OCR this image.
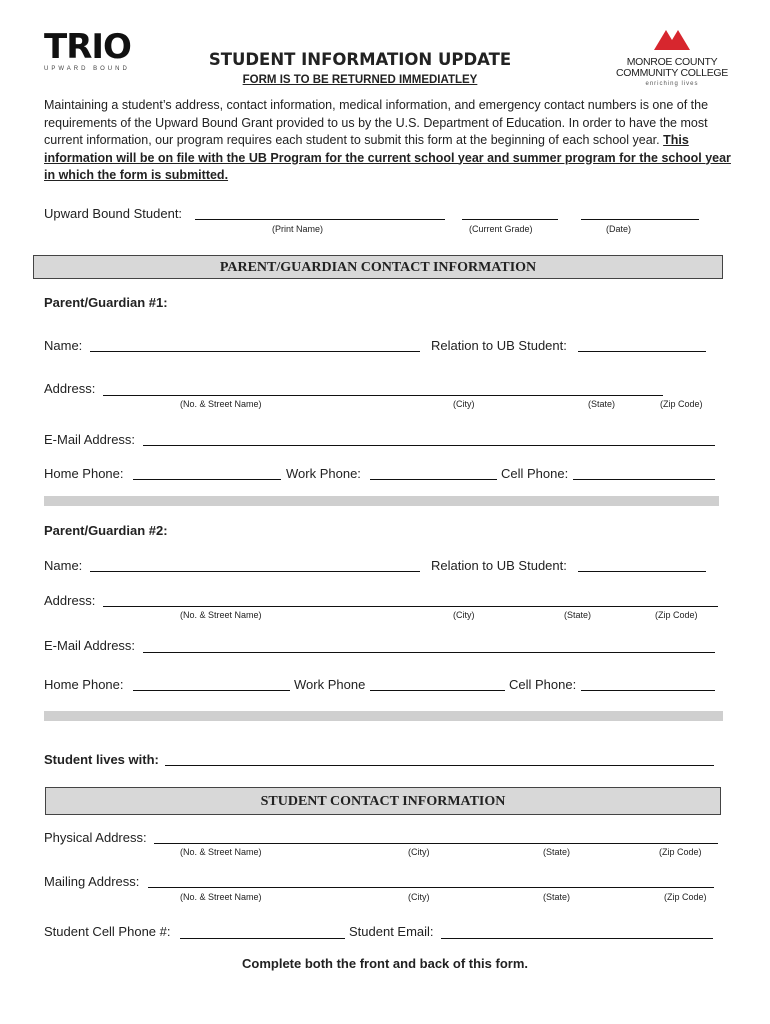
TRIO
UPWARD BOUND	STUDENT INFORMATION UPDATE
FORM IS TO BE RETURNED IMMEDIATLEY
MONROE COUNTY
COMMUNITY COLLEGE
enriching lives
Maintaining a student’s address, contact information, medical information, and emergency contact numbers is one of the requirements of the Upward Bound Grant provided to us by the U.S. Department of Education. In order to have the most current information, our program requires each student to submit this form at the beginning of each school year. This information will be on file with the UB Program for the current school year and summer program for the school year in which the form is submitted.
Upward Bound Student:
(Print Name)	(Current Grade)	(Date)
PARENT/GUARDIAN CONTACT INFORMATION
Parent/Guardian #1:
Name:	Relation to UB Student:
Address:
(No. & Street Name)	(City)	(State)	(Zip Code)
E-Mail Address:
Home Phone:	Work Phone:	Cell Phone:
Parent/Guardian #2:
Name:	Relation to UB Student:
Address:
(No. & Street Name)	(City)	(State)	(Zip Code)
E-Mail Address:
Home Phone:	Work Phone	Cell Phone:
Student lives with:
STUDENT CONTACT INFORMATION
Physical Address:
(No. & Street Name)	(City)	(State)	(Zip Code)
Mailing Address:
(No. & Street Name)	(City)	(State)	(Zip Code)
Student Cell Phone #:	Student Email:
Complete both the front and back of this form.
